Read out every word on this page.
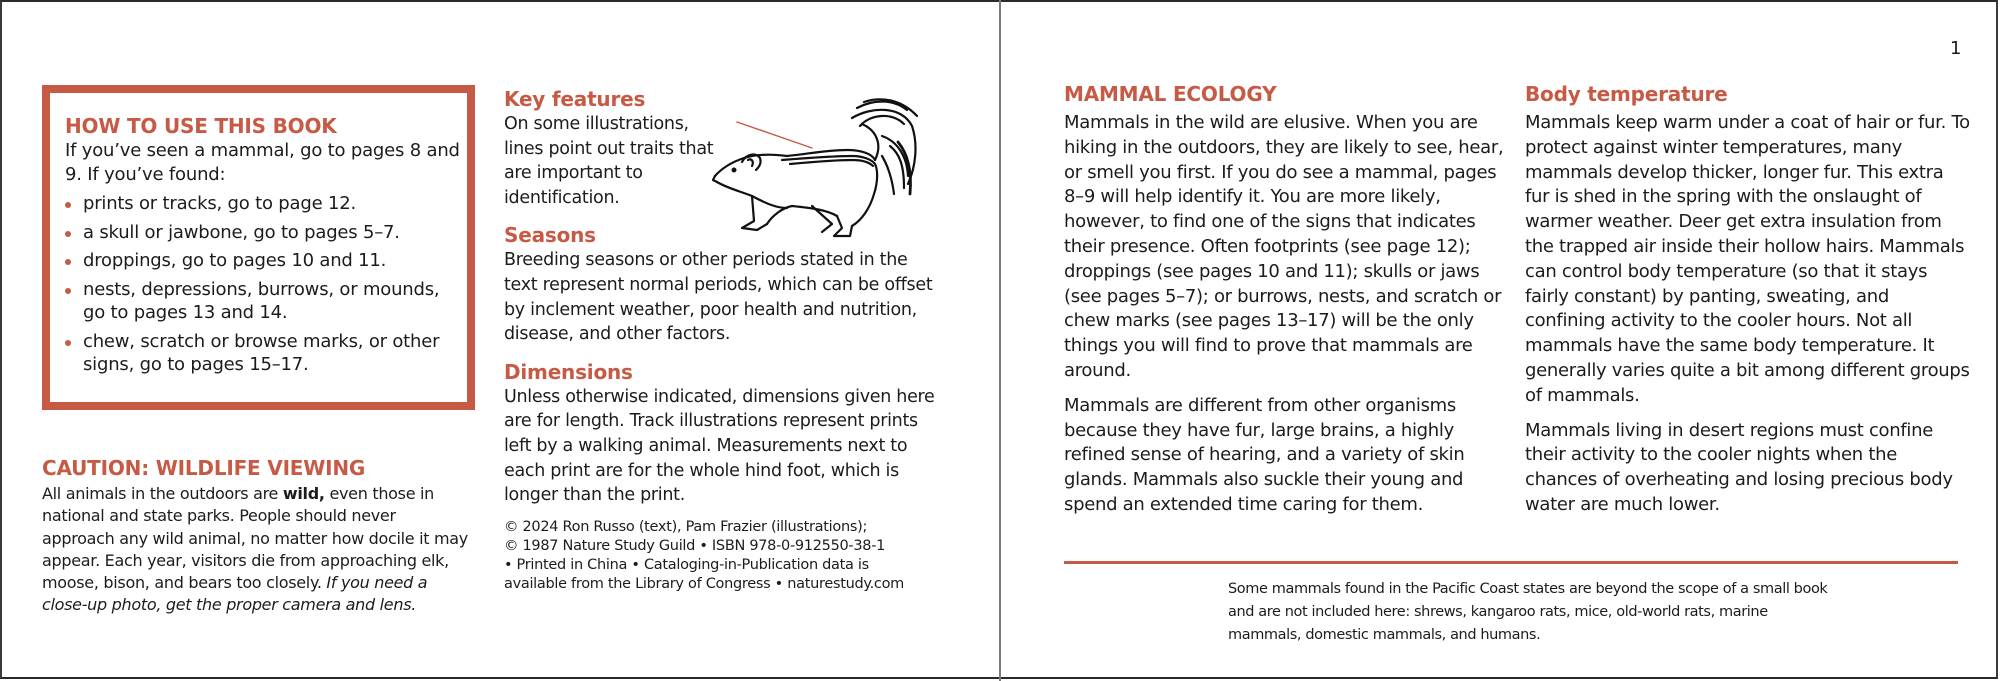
HOW TO USE THIS BOOK

If you’ve seen a mammal, go to pages 8 and 9. If you’ve found:

prints or tracks, go to page 12.
a skull or jawbone, go to pages 5–7.
droppings, go to pages 10 and 11.
nests, depressions, burrows, or mounds, go to pages 13 and 14.
chew, scratch or browse marks, or other signs, go to pages 15–17.
CAUTION: WILDLIFE VIEWING

All animals in the outdoors are wild, even those in national and state parks. People should never approach any wild animal, no matter how docile it may appear. Each year, visitors die from approaching elk, moose, bison, and bears too closely. If you need a close-up photo, get the proper camera and lens.

Key features

On some illustrations, lines point out traits that are important to identification.

Seasons

Breeding seasons or other periods stated in the text represent normal periods, which can be offset by inclement weather, poor health and nutrition, disease, and other factors.

Dimensions

Unless otherwise indicated, dimensions given here are for length. Track illustrations represent prints left by a walking animal. Measurements next to each print are for the whole hind foot, which is longer than the print.

© 2024 Ron Russo (text), Pam Frazier (illustrations);
© 1987 Nature Study Guild • ISBN 978-0-912550-38-1
• Printed in China • Cataloging-in-Publication data is
available from the Library of Congress • naturestudy.com
1
MAMMAL ECOLOGY

Mammals in the wild are elusive. When you are hiking in the outdoors, they are likely to see, hear, or smell you first. If you do see a mammal, pages 8–9 will help identify it. You are more likely, however, to find one of the signs that indicates their presence. Often footprints (see page 12); droppings (see pages 10 and 11); skulls or jaws (see pages 5–7); or burrows, nests, and scratch or chew marks (see pages 13–17) will be the only things you will find to prove that mammals are around.

Mammals are different from other organisms because they have fur, large brains, a highly refined sense of hearing, and a variety of skin glands. Mammals also suckle their young and spend an extended time caring for them.

Body temperature

Mammals keep warm under a coat of hair or fur. To protect against winter temperatures, many mammals develop thicker, longer fur. This extra fur is shed in the spring with the onslaught of warmer weather. Deer get extra insulation from the trapped air inside their hollow hairs. Mammals can control body temperature (so that it stays fairly constant) by panting, sweating, and confining activity to the cooler hours. Not all mammals have the same body temperature. It generally varies quite a bit among different groups of mammals.

Mammals living in desert regions must confine their activity to the cooler nights when the chances of overheating and losing precious body water are much lower.

Some mammals found in the Pacific Coast states are beyond the scope of a small book and are not included here: shrews, kangaroo rats, mice, old-world rats, marine mammals, domestic mammals, and humans.
